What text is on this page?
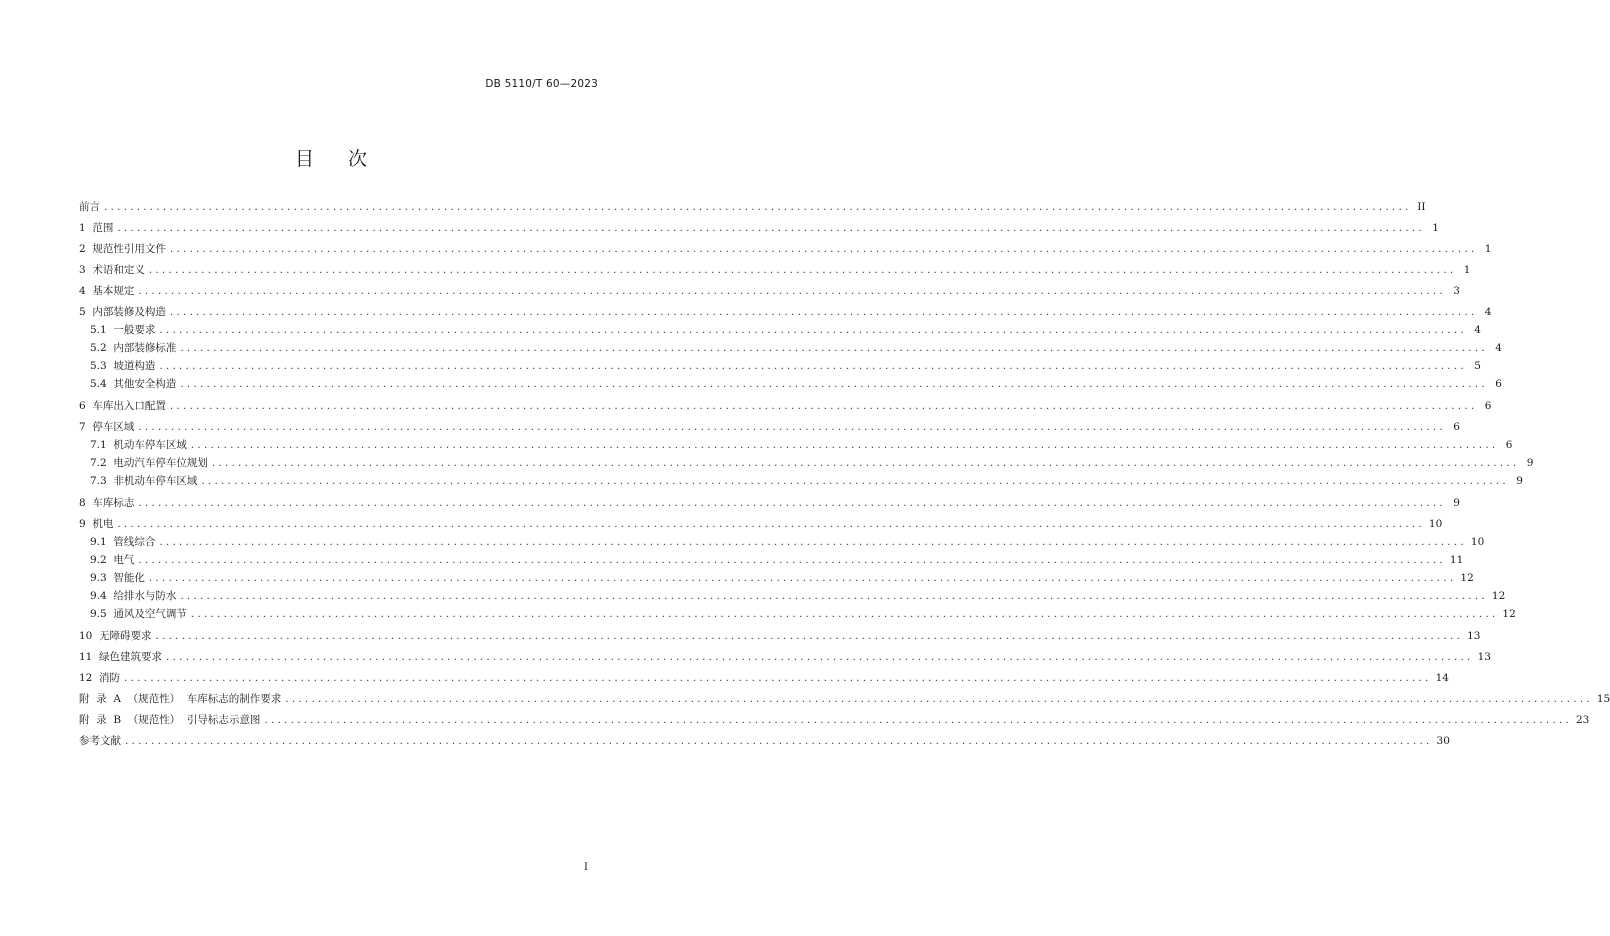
DB 5110/T 60—2023
目 次
前言 ........................................................................................................................................................................................................ II
1  范围 ........................................................................................................................................................................................................ 1
2  规范性引用文件 ........................................................................................................................................................................................................ 1
3  术语和定义 ........................................................................................................................................................................................................ 1
4  基本规定 ........................................................................................................................................................................................................ 3
5  内部装修及构造 ........................................................................................................................................................................................................ 4
5.1  一般要求 ........................................................................................................................................................................................................ 4
5.2  内部装修标准 ........................................................................................................................................................................................................ 4
5.3  坡道构造 ........................................................................................................................................................................................................ 5
5.4  其他安全构造 ........................................................................................................................................................................................................ 6
6  车库出入口配置 ........................................................................................................................................................................................................ 6
7  停车区域 ........................................................................................................................................................................................................ 6
7.1  机动车停车区域 ........................................................................................................................................................................................................ 6
7.2  电动汽车停车位规划 ........................................................................................................................................................................................................ 9
7.3  非机动车停车区域 ........................................................................................................................................................................................................ 9
8  车库标志 ........................................................................................................................................................................................................ 9
9  机电 ........................................................................................................................................................................................................ 10
9.1  管线综合 ........................................................................................................................................................................................................ 10
9.2  电气 ........................................................................................................................................................................................................ 11
9.3  智能化 ........................................................................................................................................................................................................ 12
9.4  给排水与防水 ........................................................................................................................................................................................................ 12
9.5  通风及空气调节 ........................................................................................................................................................................................................ 12
10  无障碍要求 ........................................................................................................................................................................................................ 13
11  绿色建筑要求 ........................................................................................................................................................................................................ 13
12  消防 ........................................................................................................................................................................................................ 14
附  录  A  （规范性）  车库标志的制作要求 ........................................................................................................................................................................................................ 15
附  录  B  （规范性）  引导标志示意图 ........................................................................................................................................................................................................ 23
参考文献 ........................................................................................................................................................................................................ 30
I
